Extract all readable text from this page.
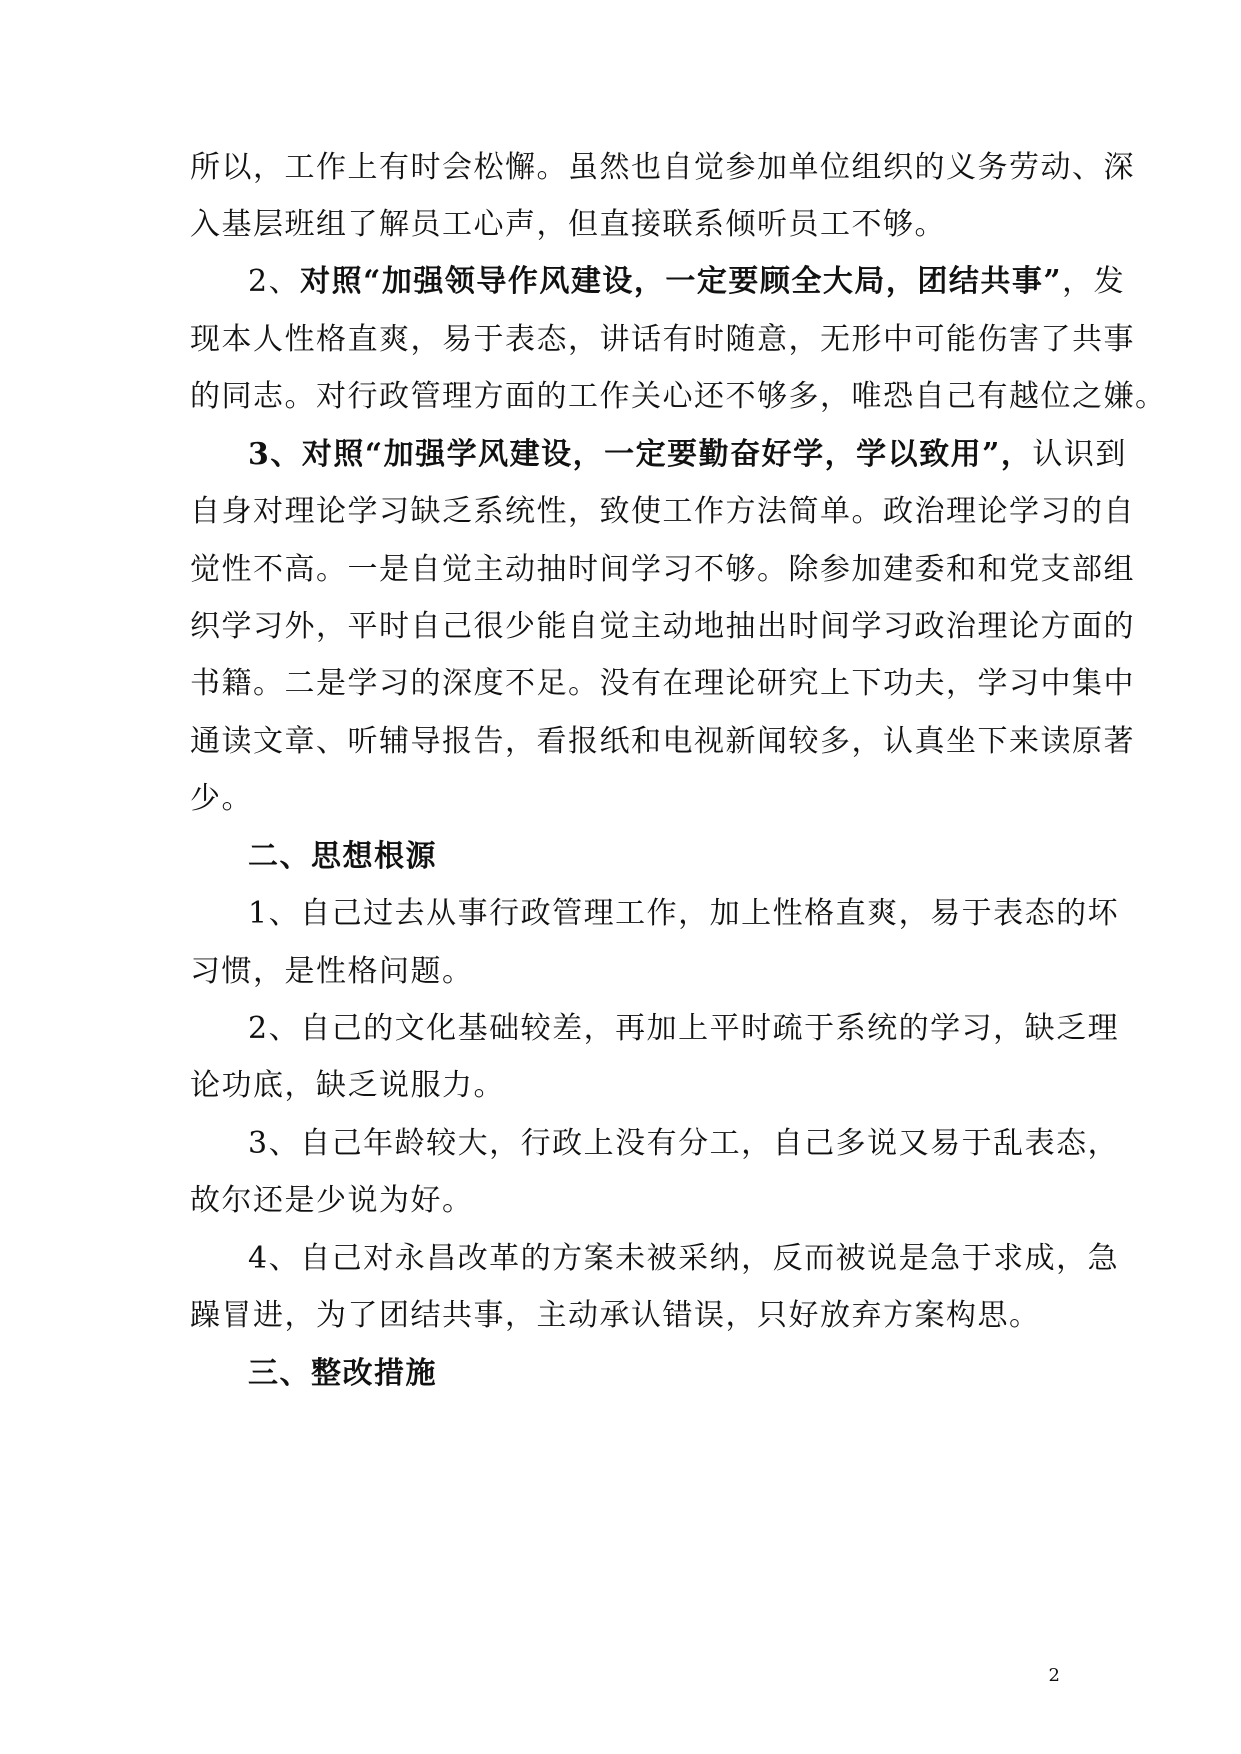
所以，工作上有时会松懈。虽然也自觉参加单位组织的义务劳动、深
入基层班组了解员工心声，但直接联系倾听员工不够。
2、对照“加强领导作风建设，一定要顾全大局，团结共事”，发
现本人性格直爽，易于表态，讲话有时随意，无形中可能伤害了共事
的同志。对行政管理方面的工作关心还不够多，唯恐自己有越位之嫌。
3、对照“加强学风建设，一定要勤奋好学，学以致用”，认识到
自身对理论学习缺乏系统性，致使工作方法简单。政治理论学习的自
觉性不高。一是自觉主动抽时间学习不够。除参加建委和和党支部组
织学习外，平时自己很少能自觉主动地抽出时间学习政治理论方面的
书籍。二是学习的深度不足。没有在理论研究上下功夫，学习中集中
通读文章、听辅导报告，看报纸和电视新闻较多，认真坐下来读原著
少。
二、思想根源
1、自己过去从事行政管理工作，加上性格直爽，易于表态的坏
习惯，是性格问题。
2、自己的文化基础较差，再加上平时疏于系统的学习，缺乏理
论功底，缺乏说服力。
3、自己年龄较大，行政上没有分工，自己多说又易于乱表态，
故尔还是少说为好。
4、自己对永昌改革的方案未被采纳，反而被说是急于求成，急
躁冒进，为了团结共事，主动承认错误，只好放弃方案构思。
三、整改措施
2
